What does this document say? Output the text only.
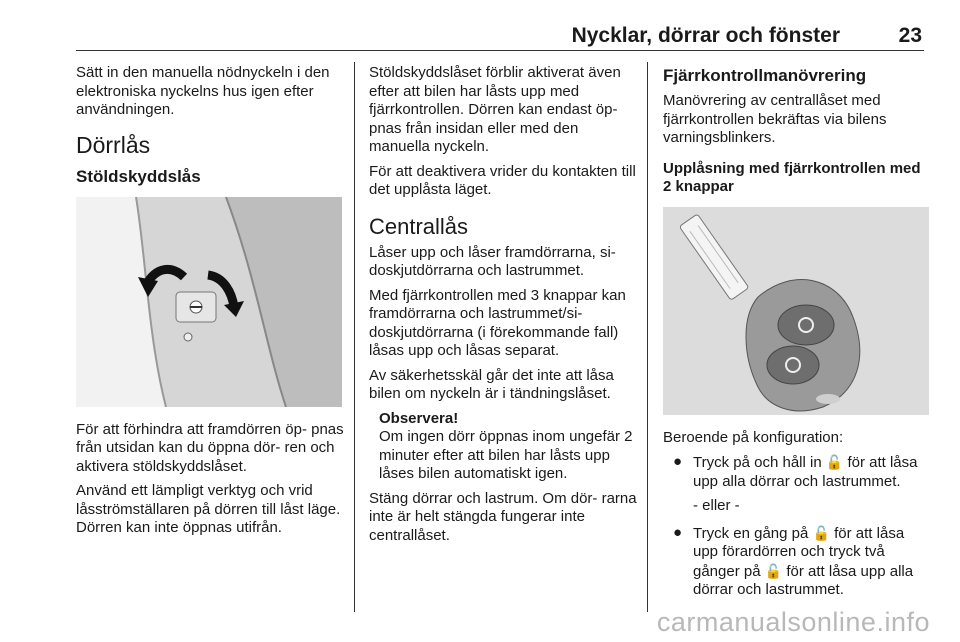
Nycklar, dörrar och fönster	23

Sätt in den manuella nödnyckeln i den elektroniska nyckelns hus igen efter användningen.

Dörrlås
Stöldskyddslås

För att förhindra att framdörren öp- pnas från utsidan kan du öppna dör- ren och aktivera stöldskyddslåset.

Använd ett lämpligt verktyg och vrid låsströmställaren på dörren till låst läge. Dörren kan inte öppnas utifrån.

Stöldskyddslåset förblir aktiverat även efter att bilen har låsts upp med fjärrkontrollen. Dörren kan endast öp- pnas från insidan eller med den manuella nyckeln.

För att deaktivera vrider du kontakten till det upplåsta läget.

Centrallås

Låser upp och låser framdörrarna, si- doskjutdörrarna och lastrummet.

Med fjärrkontrollen med 3 knappar kan framdörrarna och lastrummet/si- doskjutdörrarna (i förekommande fall) låsas upp och låsas separat.

Av säkerhetsskäl går det inte att låsa bilen om nyckeln är i tändningslåset.

Observera!

Om ingen dörr öppnas inom ungefär 2 minuter efter att bilen har låsts upp låses bilen automatiskt igen.

Stäng dörrar och lastrum. Om dör- rarna inte är helt stängda fungerar inte centrallåset.

Fjärrkontrollmanövrering

Manövrering av centrallåset med fjärrkontrollen bekräftas via bilens varningsblinkers.

Upplåsning med fjärrkontrollen med 2 knappar

Beroende på konfiguration:

● Tryck på och håll in 🔓 för att låsa upp alla dörrar och lastrummet.
- eller -
● Tryck en gång på 🔓 för att låsa upp förardörren och tryck två gånger på 🔓 för att låsa upp alla dörrar och lastrummet.
carmanualsonline.info
